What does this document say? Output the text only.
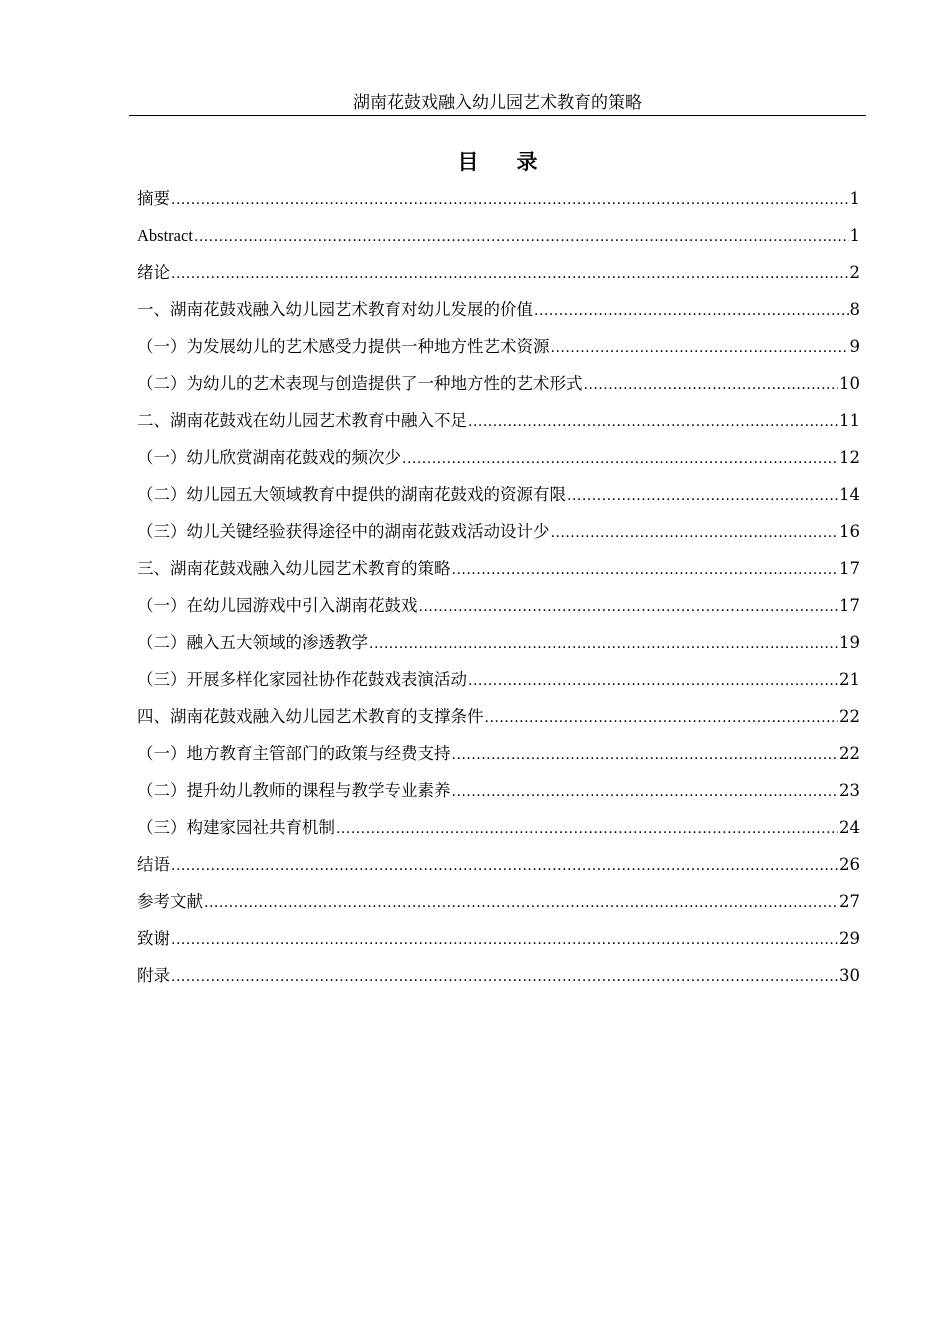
湖南花鼓戏融入幼儿园艺术教育的策略
目录
摘要 .....	1
Abstract .....	1
绪论 .....	2
一、湖南花鼓戏融入幼儿园艺术教育对幼儿发展的价值 .....	8
（一）为发展幼儿的艺术感受力提供一种地方性艺术资源 .....	9
（二）为幼儿的艺术表现与创造提供了一种地方性的艺术形式 .....	10
二、湖南花鼓戏在幼儿园艺术教育中融入不足 .....	11
（一）幼儿欣赏湖南花鼓戏的频次少 .....	12
（二）幼儿园五大领域教育中提供的湖南花鼓戏的资源有限 .....	14
（三）幼儿关键经验获得途径中的湖南花鼓戏活动设计少 .....	16
三、湖南花鼓戏融入幼儿园艺术教育的策略 .....	17
（一）在幼儿园游戏中引入湖南花鼓戏 .....	17
（二）融入五大领域的渗透教学 .....	19
（三）开展多样化家园社协作花鼓戏表演活动 .....	21
四、湖南花鼓戏融入幼儿园艺术教育的支撑条件 .....	22
（一）地方教育主管部门的政策与经费支持 .....	22
（二）提升幼儿教师的课程与教学专业素养 .....	23
（三）构建家园社共育机制 .....	24
结语 .....	26
参考文献 .....	27
致谢 .....	29
附录 .....	30
